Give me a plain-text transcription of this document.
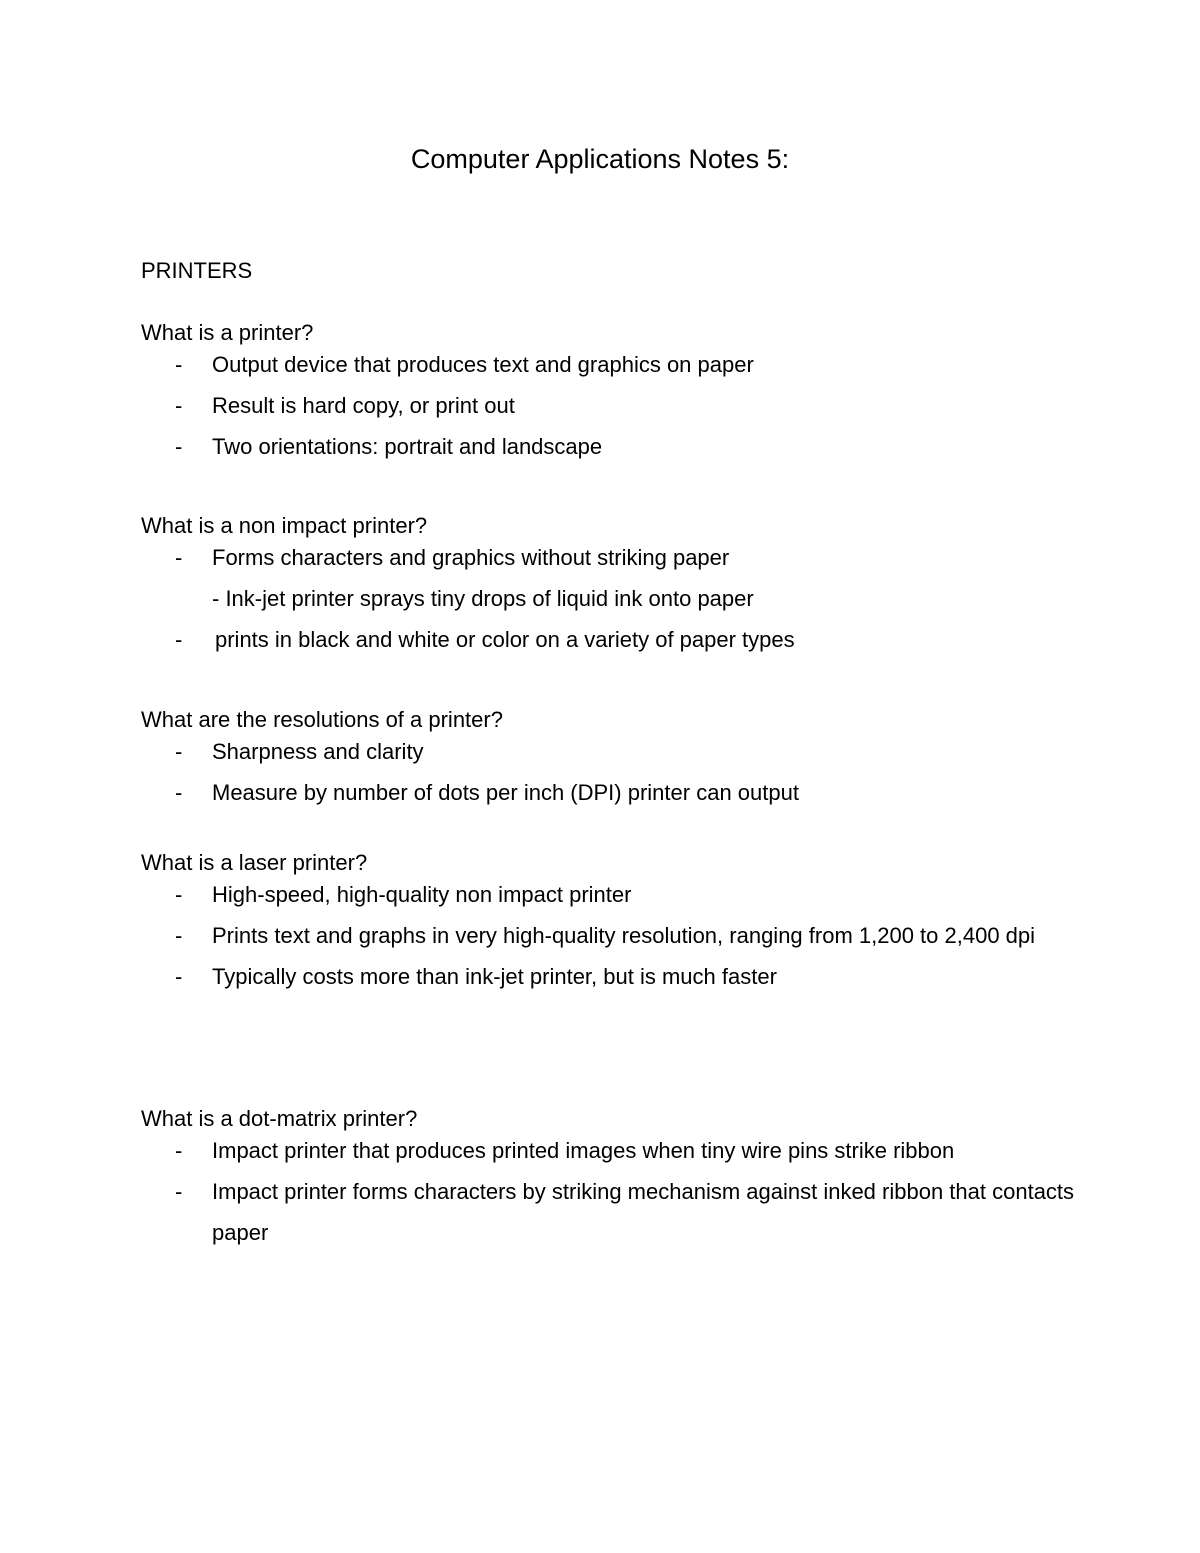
Computer Applications Notes 5:
PRINTERS
What is a printer?
- Output device that produces text and graphics on paper
- Result is hard copy, or print out
- Two orientations: portrait and landscape
What is a non impact printer?
- Forms characters and graphics without striking paper
- Ink-jet printer sprays tiny drops of liquid ink onto paper
- prints in black and white or color on a variety of paper types
What are the resolutions of a printer?
- Sharpness and clarity
- Measure by number of dots per inch (DPI) printer can output
What is a laser printer?
- High-speed, high-quality non impact printer
- Prints text and graphs in very high-quality resolution, ranging from 1,200 to 2,400 dpi
- Typically costs more than ink-jet printer, but is much faster
What is a dot-matrix printer?
- Impact printer that produces printed images when tiny wire pins strike ribbon
- Impact printer forms characters by striking mechanism against inked ribbon that contacts paper
